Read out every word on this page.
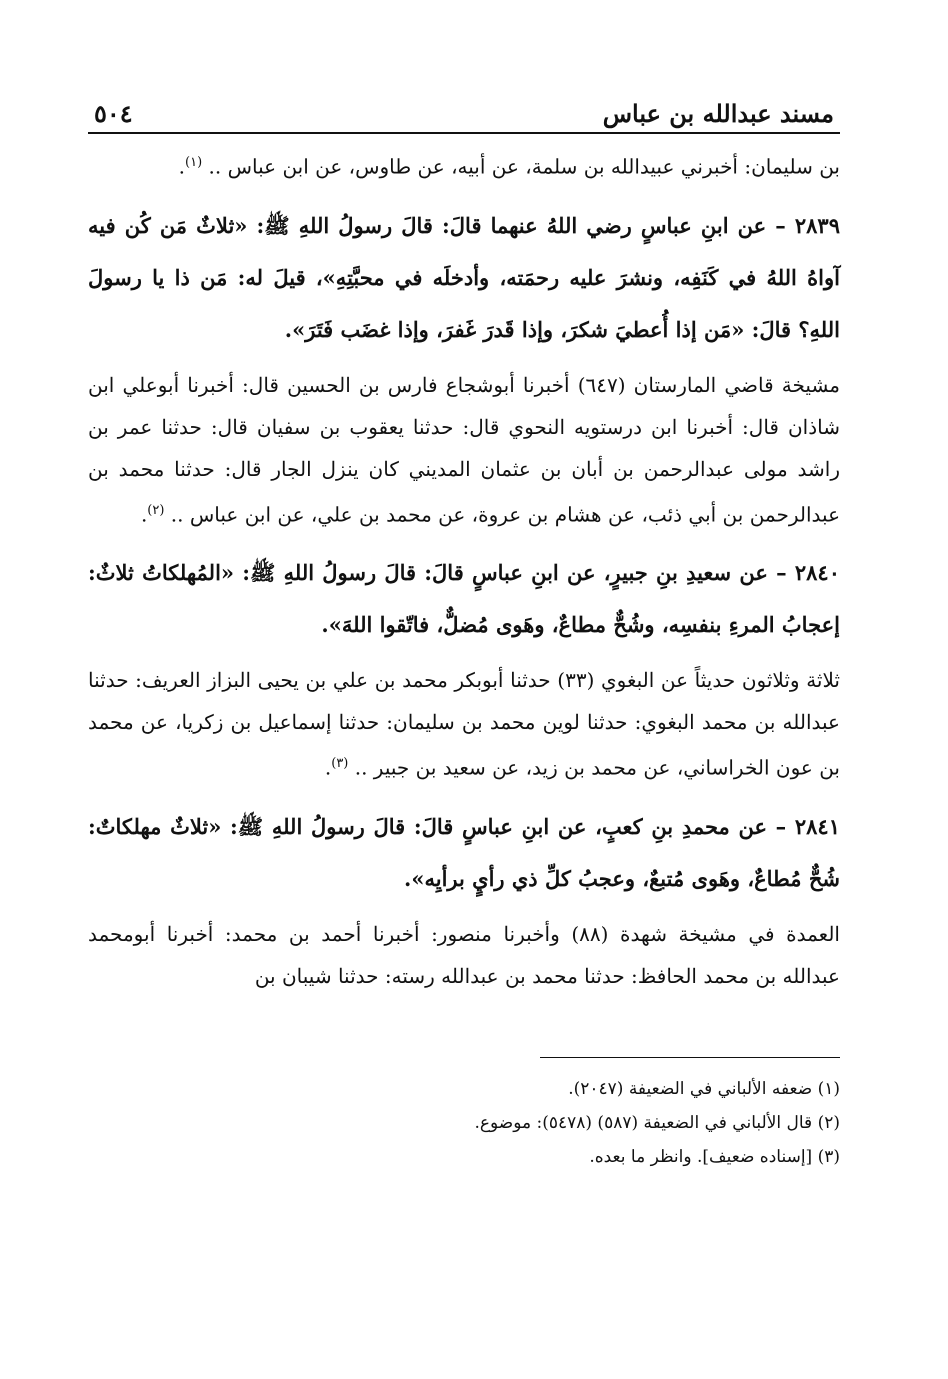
مسند عبدالله بن عباس
٥٠٤

بن سليمان: أخبرني عبيدالله بن سلمة، عن أبيه، عن طاوس، عن ابن عباس .. $^{(١)}$.

٢٨٣٩ – عن ابنِ عباسٍ رضي اللهُ عنهما قالَ: قالَ رسولُ اللهِ ﷺ: «ثلاثٌ مَن كُن فيه آواهُ اللهُ في كَنَفِه، ونشرَ عليه رحمَته، وأدخلَه في محبَّتِهِ»، قيلَ له: مَن ذا يا رسولَ اللهِ؟ قالَ: «مَن إذا أُعطيَ شكرَ، وإذا قَدرَ غَفرَ، وإذا غضَب فَتَرَ».

مشيخة قاضي المارستان (٦٤٧) أخبرنا أبوشجاع فارس بن الحسين قال: أخبرنا أبوعلي ابن شاذان قال: أخبرنا ابن درستويه النحوي قال: حدثنا يعقوب بن سفيان قال: حدثنا عمر بن راشد مولى عبدالرحمن بن أبان بن عثمان المديني كان ينزل الجار قال: حدثنا محمد بن عبدالرحمن بن أبي ذئب، عن هشام بن عروة، عن محمد بن علي، عن ابن عباس .. $^{(٢)}$.

٢٨٤٠ – عن سعيدِ بنِ جبيرٍ، عن ابنِ عباسٍ قالَ: قالَ رسولُ اللهِ ﷺ: «المُهلكاتُ ثلاثٌ: إعجابُ المرءِ بنفسِه، وشُحٌّ مطاعٌ، وهَوى مُضلٌّ، فاتّقوا اللهَ».

ثلاثة وثلاثون حديثاً عن البغوي (٣٣) حدثنا أبوبكر محمد بن علي بن يحيى البزاز العريف: حدثنا عبدالله بن محمد البغوي: حدثنا لوين محمد بن سليمان: حدثنا إسماعيل بن زكريا، عن محمد بن عون الخراساني، عن محمد بن زيد، عن سعيد بن جبير .. $^{(٣)}$.

٢٨٤١ – عن محمدِ بنِ كعبٍ، عن ابنِ عباسٍ قالَ: قالَ رسولُ اللهِ ﷺ: «ثلاثٌ مهلكاتٌ: شُحٌّ مُطاعٌ، وهَوى مُتبعٌ، وعجبُ كلِّ ذي رأيٍ برأيِه».

العمدة في مشيخة شهدة (٨٨) وأخبرنا منصور: أخبرنا أحمد بن محمد: أخبرنا أبومحمد عبدالله بن محمد الحافظ: حدثنا محمد بن عبدالله رسته: حدثنا شيبان بن

(١) ضعفه الألباني في الضعيفة (٢٠٤٧).

(٢) قال الألباني في الضعيفة (٥٨٧) (٥٤٧٨): موضوع.

(٣) [إسناده ضعيف]. وانظر ما بعده.
